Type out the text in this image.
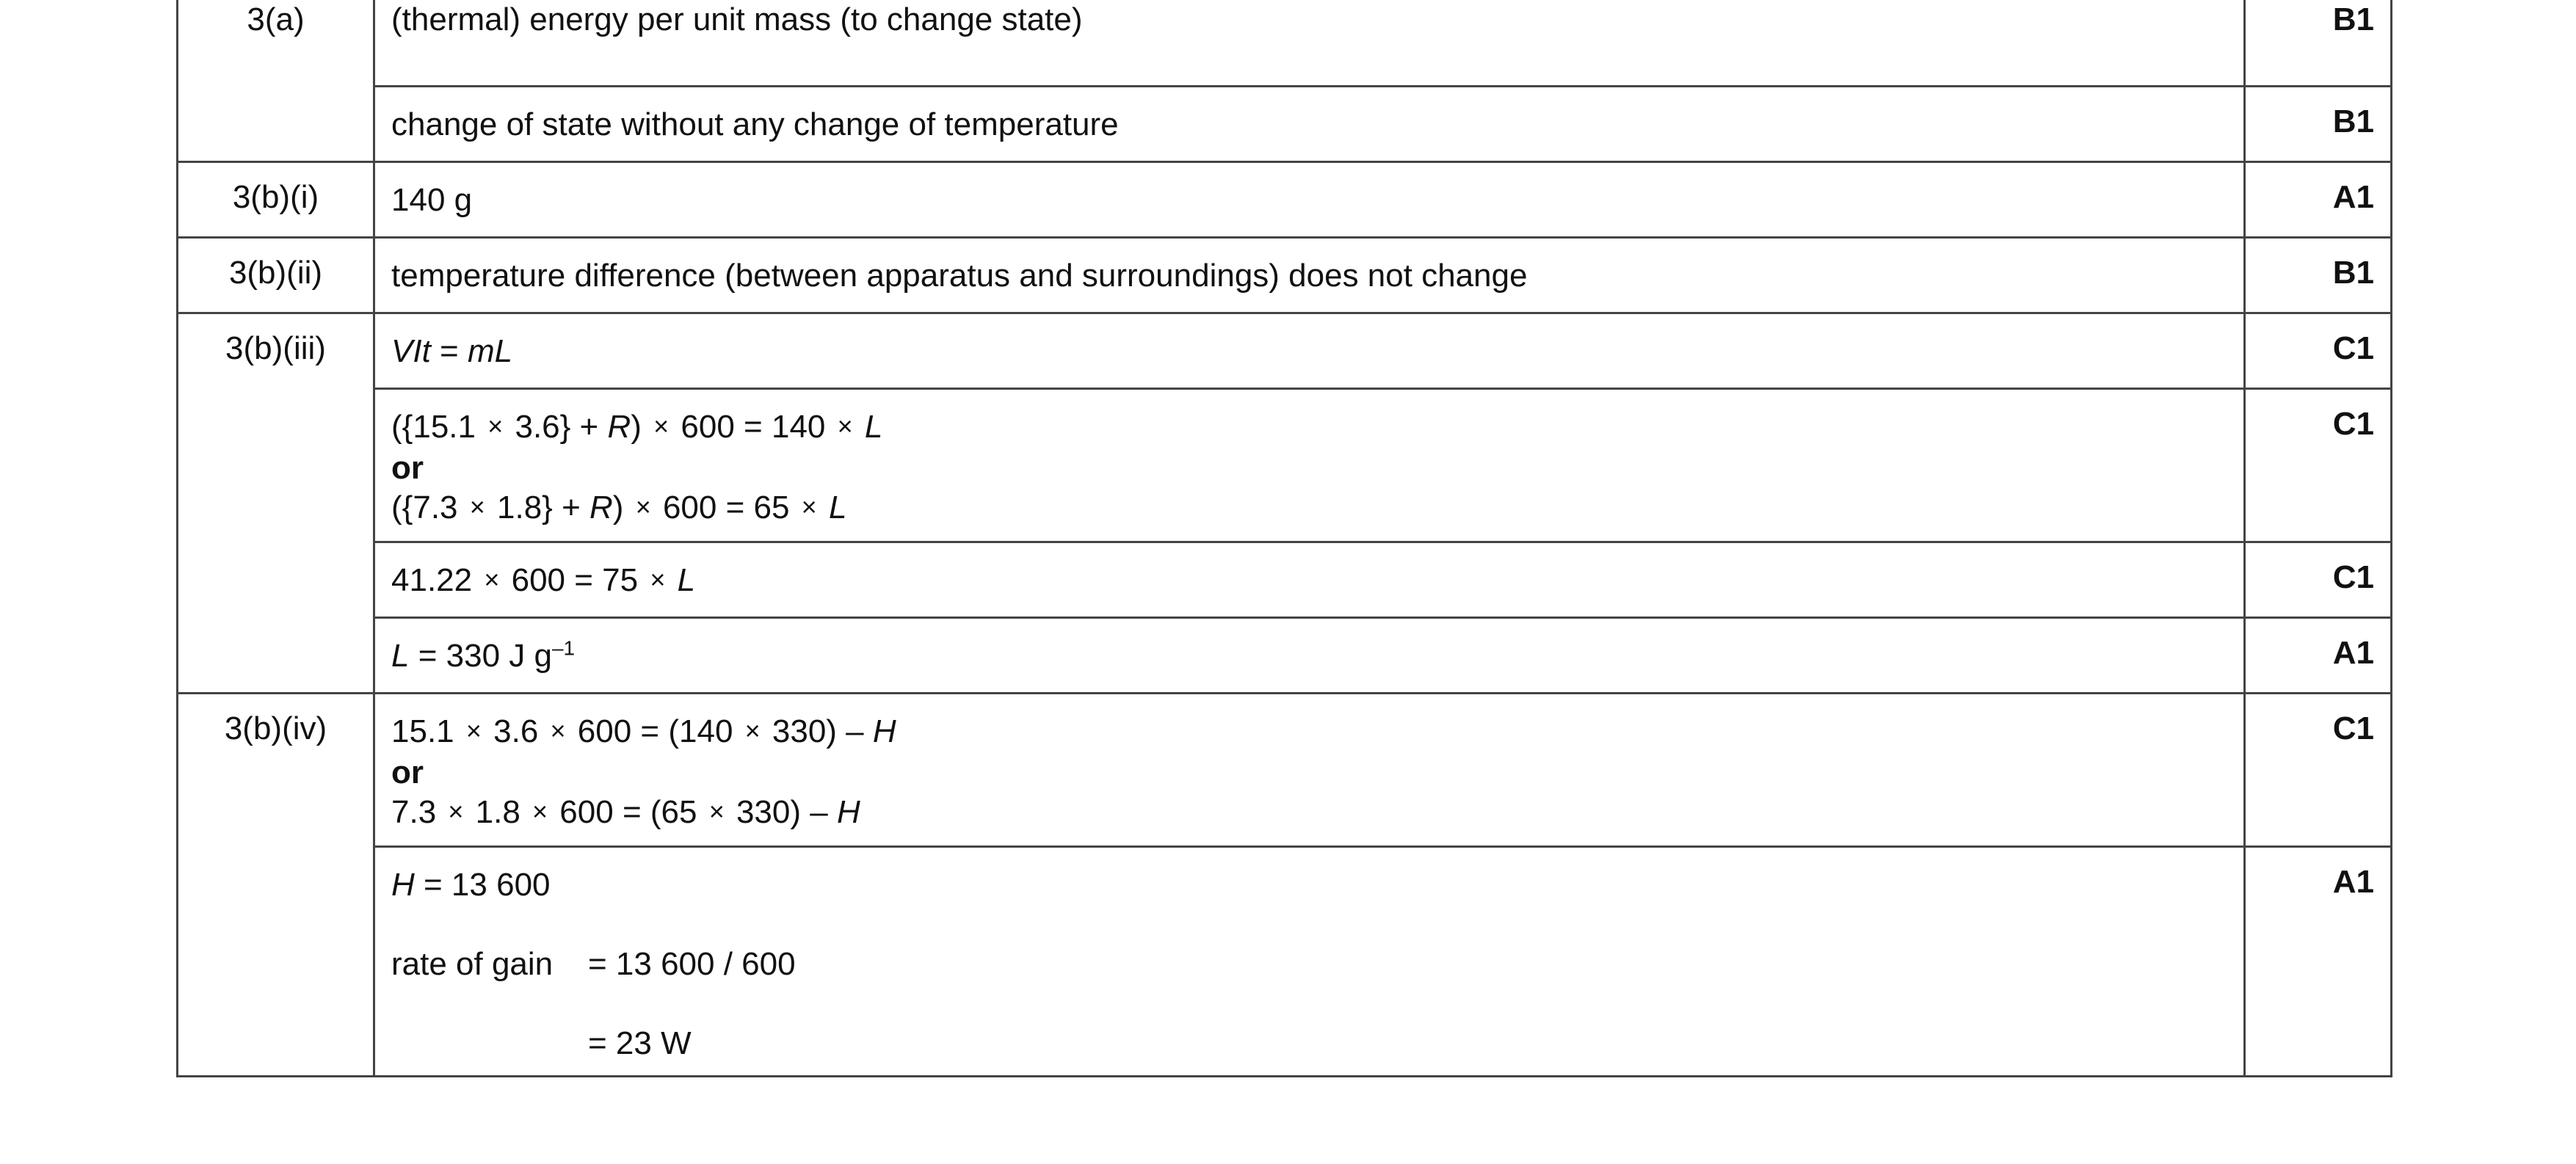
3(a)	(thermal) energy per unit mass (to change state)	B1
	change of state without any change of temperature	B1
3(b)(i)	140 g	A1
3(b)(ii)	temperature difference (between apparatus and surroundings) does not change	B1
3(b)(iii)	VIt = mL	C1

	({15.1 × 3.6} + R) × 600 = 140 × L
or
({7.3 × 1.8} + R) × 600 = 65 × L	C1
	41.22 × 600 = 75 × L	C1
	L = 330 J $g^{-1}$	A1
3(b)(iv)	15.1 × 3.6 × 600 = (140 × 330) – H
or
7.3 × 1.8 × 600 = (65 × 330) – H	C1

	H = 13 600
rate of gain = 13 600 / 600
= 23 W	A1
